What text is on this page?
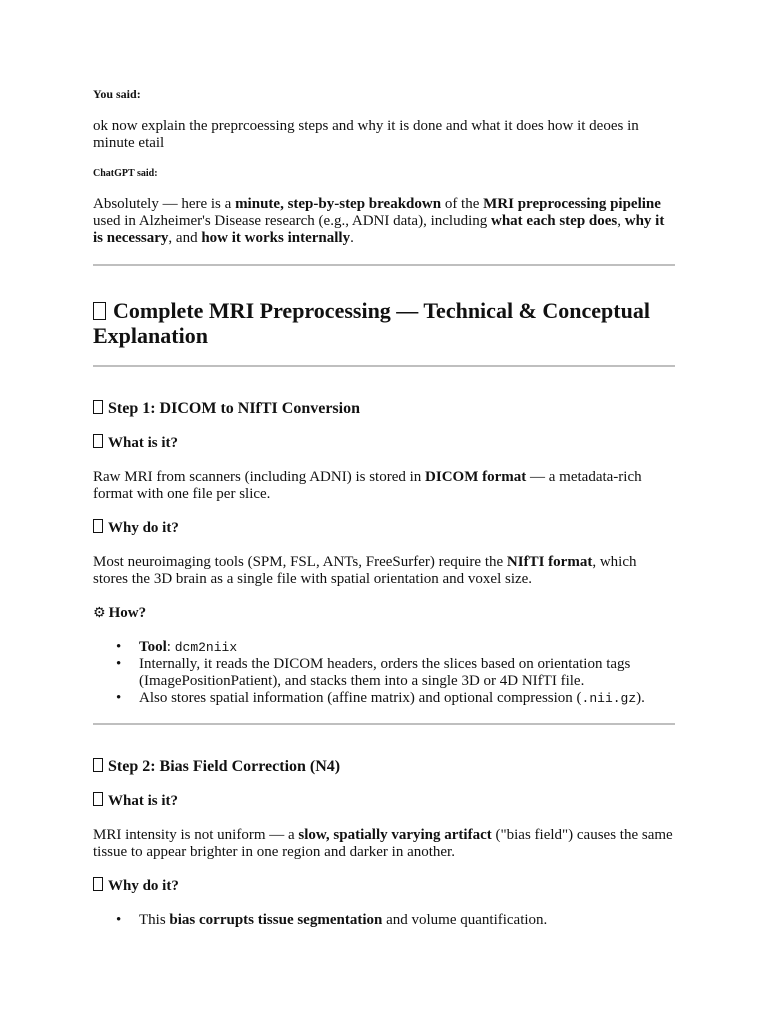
You said:

ok now explain the preprcoessing steps and why it is done and what it does how it deoes in minute etail

ChatGPT said:

Absolutely — here is a minute, step-by-step breakdown of the MRI preprocessing pipeline used in Alzheimer's Disease research (e.g., ADNI data), including what each step does, why it is necessary, and how it works internally.

Complete MRI Preprocessing — Technical & Conceptual Explanation
Step 1: DICOM to NIfTI Conversion
What is it?

Raw MRI from scanners (including ADNI) is stored in DICOM format — a metadata-rich format with one file per slice.

Why do it?

Most neuroimaging tools (SPM, FSL, ANTs, FreeSurfer) require the NIfTI format, which stores the 3D brain as a single file with spatial orientation and voxel size.

⚙ How?
• Tool: dcm2niix
• Internally, it reads the DICOM headers, orders the slices based on orientation tags (ImagePositionPatient), and stacks them into a single 3D or 4D NIfTI file.
• Also stores spatial information (affine matrix) and optional compression (.nii.gz).
Step 2: Bias Field Correction (N4)
What is it?

MRI intensity is not uniform — a slow, spatially varying artifact ("bias field") causes the same tissue to appear brighter in one region and darker in another.

Why do it?
• This bias corrupts tissue segmentation and volume quantification.
